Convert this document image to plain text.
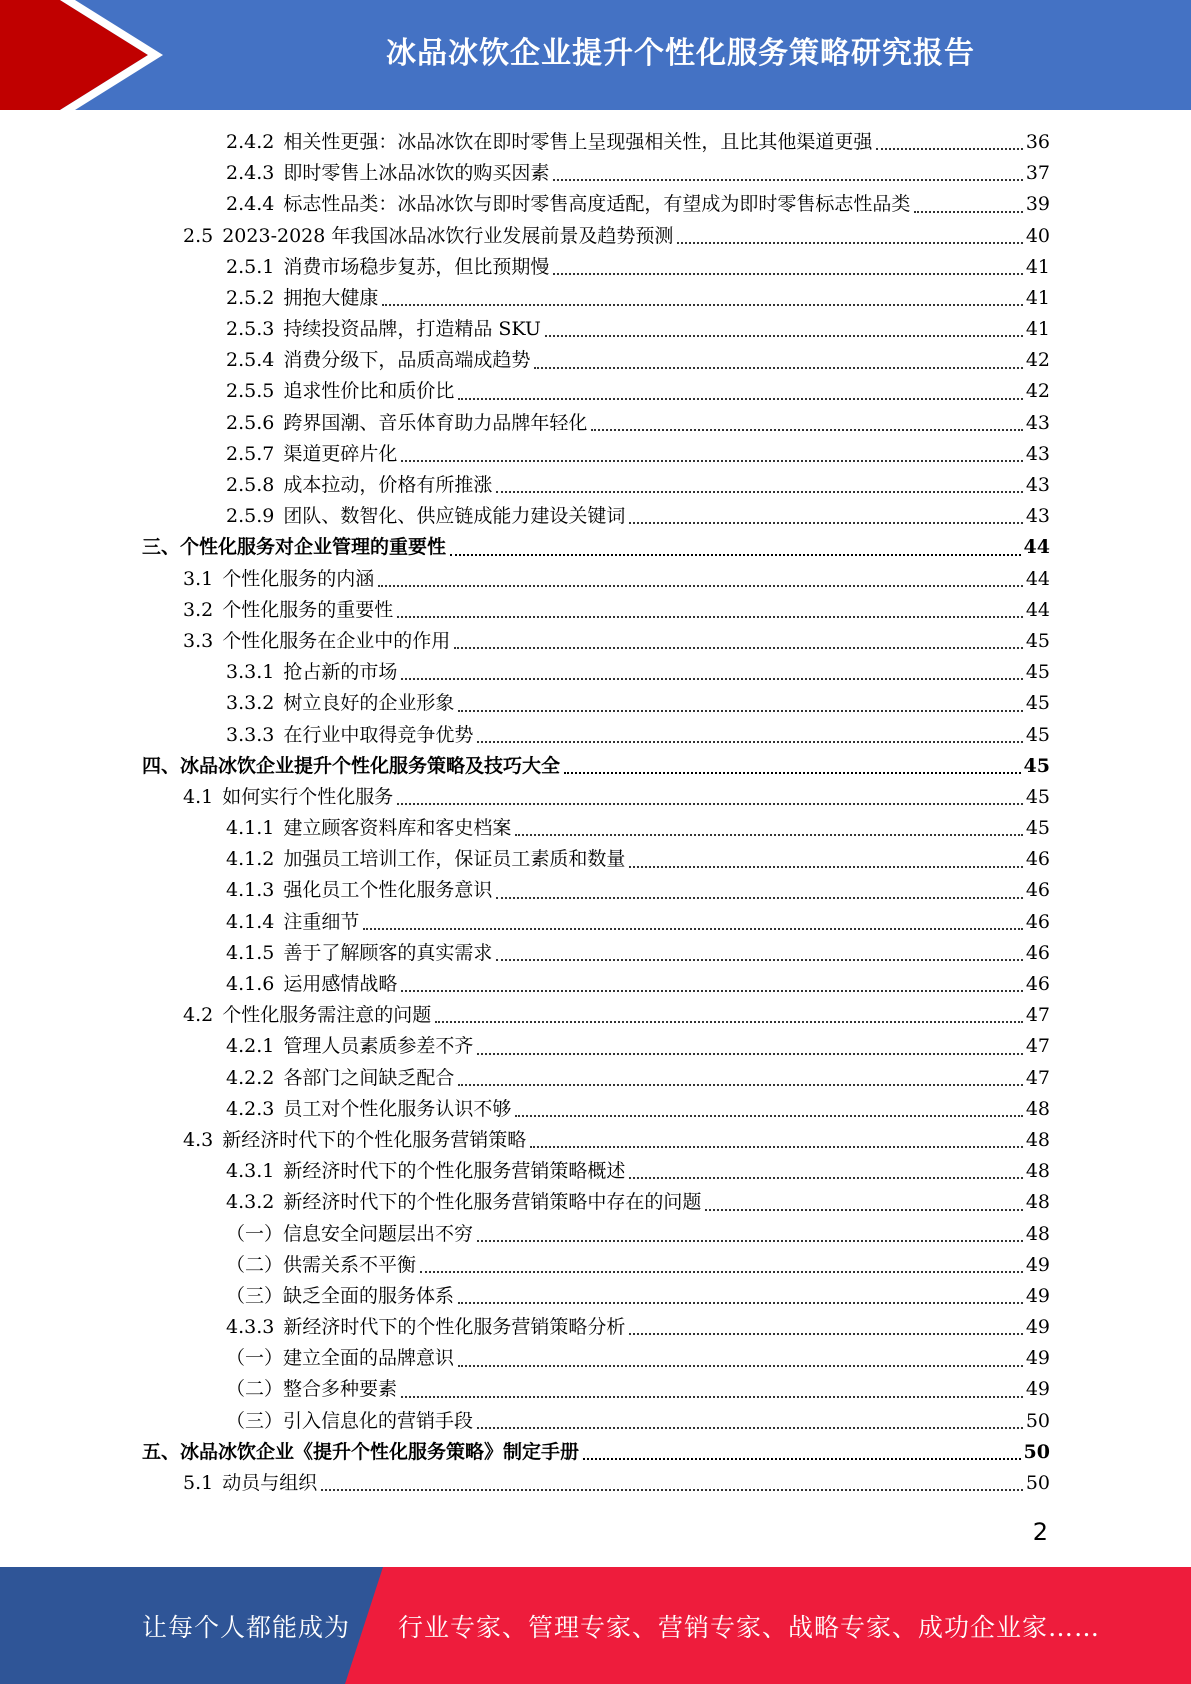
冰品冰饮企业提升个性化服务策略研究报告
2.4.2 相关性更强：冰品冰饮在即时零售上呈现强相关性，且比其他渠道更强	36
2.4.3 即时零售上冰品冰饮的购买因素	37
2.4.4 标志性品类：冰品冰饮与即时零售高度适配，有望成为即时零售标志性品类	39
2.5 2023-2028 年我国冰品冰饮行业发展前景及趋势预测	40
2.5.1 消费市场稳步复苏，但比预期慢	41
2.5.2 拥抱大健康	41
2.5.3 持续投资品牌，打造精品 SKU	41
2.5.4 消费分级下，品质高端成趋势	42
2.5.5 追求性价比和质价比	42
2.5.6 跨界国潮、音乐体育助力品牌年轻化	43
2.5.7 渠道更碎片化	43
2.5.8 成本拉动，价格有所推涨	43
2.5.9 团队、数智化、供应链成能力建设关键词	43
三、个性化服务对企业管理的重要性	44
3.1 个性化服务的内涵	44
3.2 个性化服务的重要性	44
3.3 个性化服务在企业中的作用	45
3.3.1 抢占新的市场	45
3.3.2 树立良好的企业形象	45
3.3.3 在行业中取得竞争优势	45
四、冰品冰饮企业提升个性化服务策略及技巧大全	45
4.1 如何实行个性化服务	45
4.1.1 建立顾客资料库和客史档案	45
4.1.2 加强员工培训工作，保证员工素质和数量	46
4.1.3 强化员工个性化服务意识	46
4.1.4 注重细节	46
4.1.5 善于了解顾客的真实需求	46
4.1.6 运用感情战略	46
4.2 个性化服务需注意的问题	47
4.2.1 管理人员素质参差不齐	47
4.2.2 各部门之间缺乏配合	47
4.2.3 员工对个性化服务认识不够	48
4.3 新经济时代下的个性化服务营销策略	48
4.3.1 新经济时代下的个性化服务营销策略概述	48
4.3.2 新经济时代下的个性化服务营销策略中存在的问题	48
（一）信息安全问题层出不穷	48
（二）供需关系不平衡	49
（三）缺乏全面的服务体系	49
4.3.3 新经济时代下的个性化服务营销策略分析	49
（一）建立全面的品牌意识	49
（二）整合多种要素	49
（三）引入信息化的营销手段	50
五、冰品冰饮企业《提升个性化服务策略》制定手册	50
5.1 动员与组织	50
2
让每个人都能成为 行业专家、管理专家、营销专家、战略专家、成功企业家……
